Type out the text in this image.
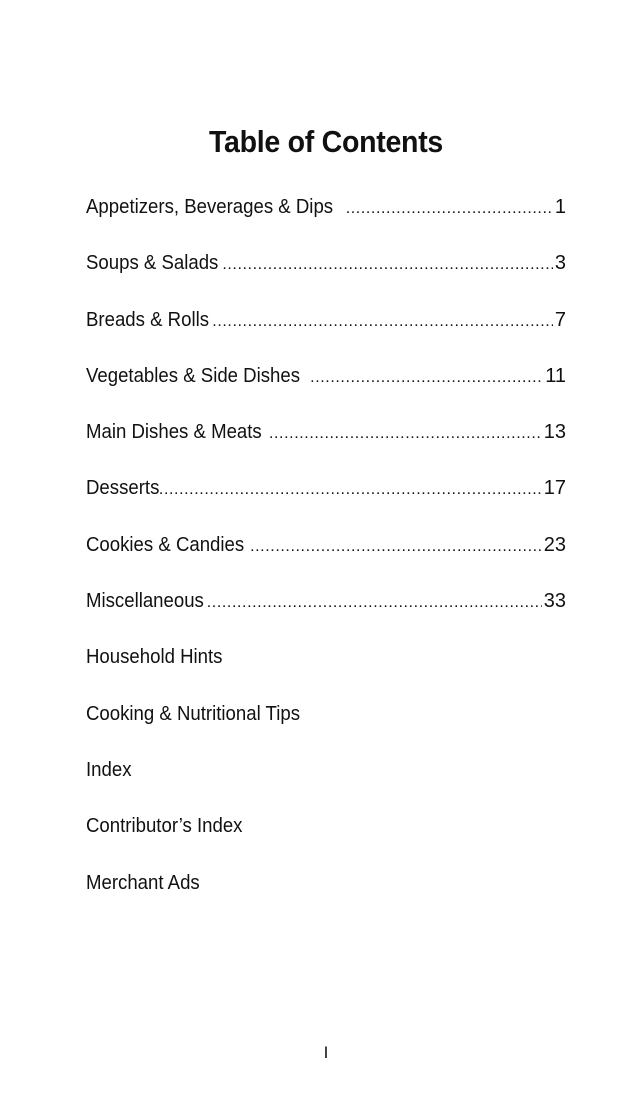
Table of Contents
Appetizers, Beverages & Dips .....	1
Soups & Salads .....	3
Breads & Rolls .....	7
Vegetables & Side Dishes .....	11
Main Dishes & Meats .....	13
Desserts .....	17
Cookies & Candies .....	23
Miscellaneous .....	33
Household Hints
Cooking & Nutritional Tips
Index
Contributor’s Index
Merchant Ads
I
